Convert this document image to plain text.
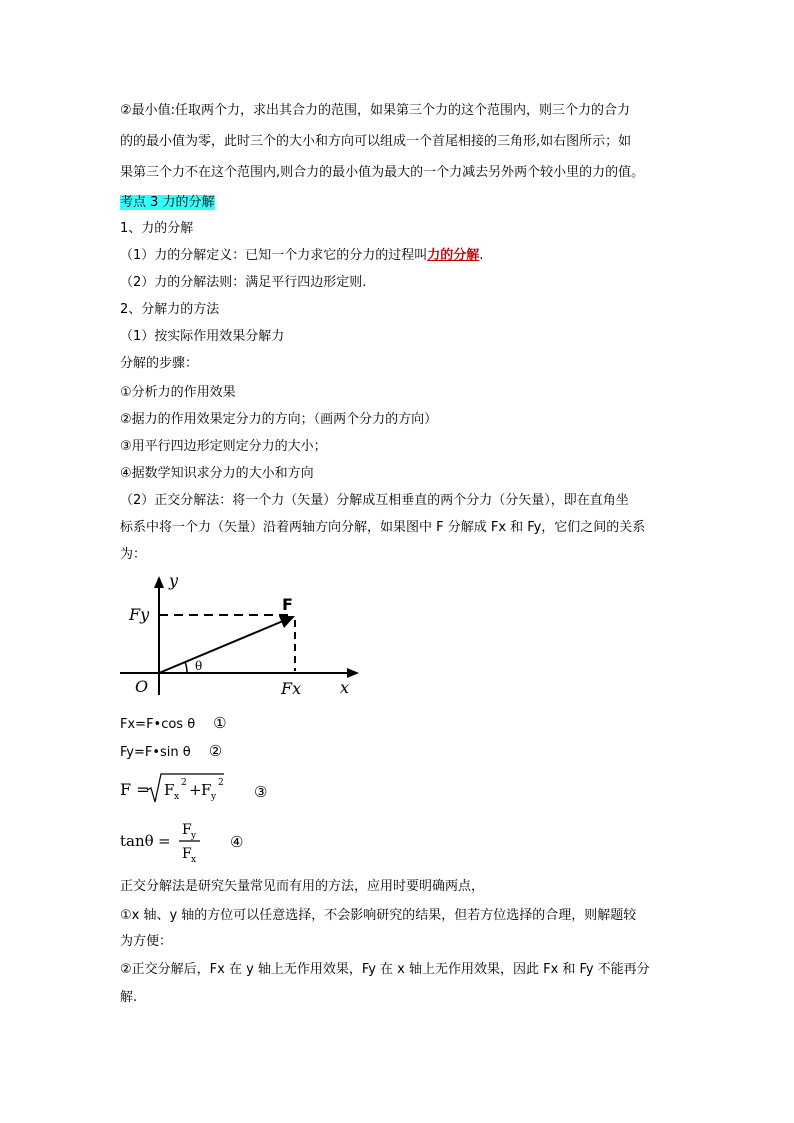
②最小值:任取两个力，求出其合力的范围，如果第三个力的这个范围内，则三个力的合力
的的最小值为零，此时三个的大小和方向可以组成一个首尾相接的三角形,如右图所示；如
果第三个力不在这个范围内,则合力的最小值为最大的一个力减去另外两个较小里的力的值。
考点 3 力的分解
1、力的分解
（1）力的分解定义：已知一个力求它的分力的过程叫力的分解.
（2）力的分解法则：满足平行四边形定则.
2、分解力的方法
（1）按实际作用效果分解力
分解的步骤：
①分析力的作用效果
②据力的作用效果定分力的方向；（画两个分力的方向）
③用平行四边形定则定分力的大小；
④据数学知识求分力的大小和方向
（2）正交分解法：将一个力（矢量）分解成互相垂直的两个分力（分矢量），即在直角坐
标系中将一个力（矢量）沿着两轴方向分解，如果图中 F 分解成 Fx 和 Fy，它们之间的关系
为：
y
Fy
F
θ
O	Fx x
Fx=F•cos θ ①
Fy=F•sin θ ②
F = F x
2 + F y
2 ③
tanθ =
F y
F x
④
正交分解法是研究矢量常见而有用的方法，应用时要明确两点，
①x 轴、y 轴的方位可以任意选择，不会影响研究的结果，但若方位选择的合理，则解题较
为方便：
②正交分解后，Fx 在 y 轴上无作用效果，Fy 在 x 轴上无作用效果，因此 Fx 和 Fy 不能再分
解.
